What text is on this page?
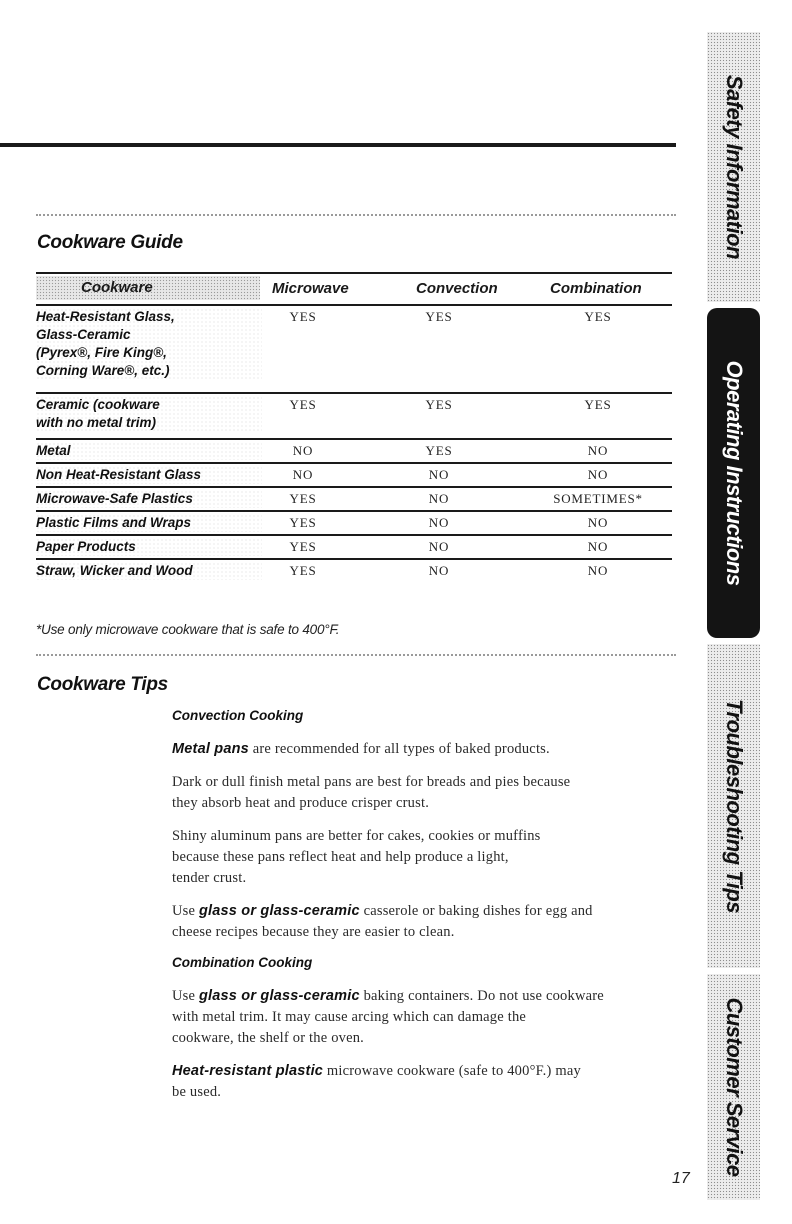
Cookware Guide
Cookware	Microwave	Convection	Combination
Heat-Resistant Glass,
Glass-Ceramic
(Pyrex®, Fire King®,
Corning Ware®, etc.)
YES	YES	YES
Ceramic (cookware
with no metal trim)
YES	YES	YES
Metal	NO	YES	NO
Non Heat-Resistant Glass	NO	NO	NO
Microwave-Safe Plastics	YES	NO	SOMETIMES*
Plastic Films and Wraps	YES	NO	NO
Paper Products	YES	NO	NO
Straw, Wicker and Wood	YES	NO	NO
*Use only microwave cookware that is safe to 400°F.
Cookware Tips
Convection Cooking

Metal pans are recommended for all types of baked products.

Dark or dull finish metal pans are best for breads and pies because
they absorb heat and produce crisper crust.

Shiny aluminum pans are better for cakes, cookies or muffins
because these pans reflect heat and help produce a light,
tender crust.

Use glass or glass-ceramic casserole or baking dishes for egg and
cheese recipes because they are easier to clean.

Combination Cooking

Use glass or glass-ceramic baking containers. Do not use cookware
with metal trim. It may cause arcing which can damage the
cookware, the shelf or the oven.

Heat-resistant plastic microwave cookware (safe to 400°F.) may
be used.

17
Safety Information
Operating Instructions
Troubleshooting Tips
Customer Service
